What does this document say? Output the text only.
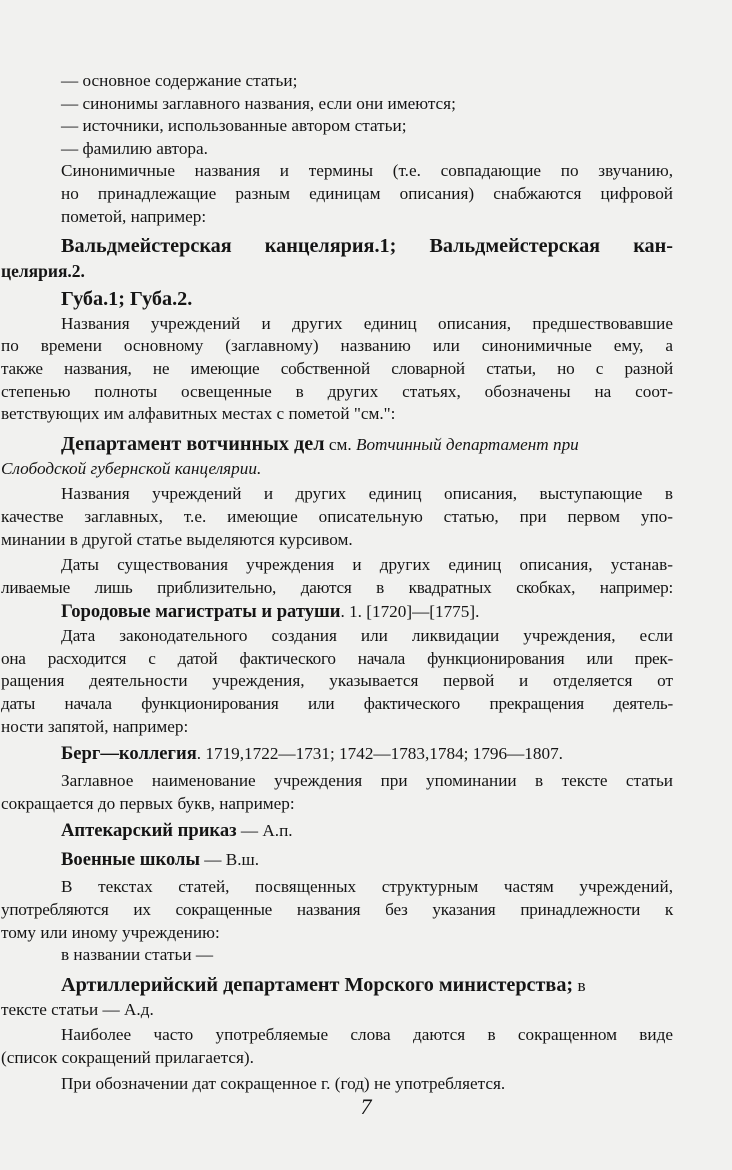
— основное содержание статьи;
— синонимы заглавного названия, если они имеются;
— источники, использованные автором статьи;
— фамилию автора.
Синонимичные названия и термины (т.е. совпадающие по звучанию,
но принадлежащие разным единицам описания) снабжаются цифровой
пометой, например:
Вальдмейстерская канцелярия.1; Вальдмейстерская кан-
целярия.2.
Губа.1; Губа.2.
Названия учреждений и других единиц описания, предшествовавшие
по времени основному (заглавному) названию или синонимичные ему, а
также названия, не имеющие собственной словарной статьи, но с разной
степенью полноты освещенные в других статьях, обозначены на соот-
ветствующих им алфавитных местах с пометой "см.":
Департамент вотчинных дел см. Вотчинный департамент при
Слободской губернской канцелярии.
Названия учреждений и других единиц описания, выступающие в
качестве заглавных, т.е. имеющие описательную статью, при первом упо-
минании в другой статье выделяются курсивом.
Даты существования учреждения и других единиц описания, устанав-
ливаемые лишь приблизительно, даются в квадратных скобках, например:
Городовые магистраты и ратуши. 1. [1720]—[1775].
Дата законодательного создания или ликвидации учреждения, если
она расходится с датой фактического начала функционирования или прек-
ращения деятельности учреждения, указывается первой и отделяется от
даты начала функционирования или фактического прекращения деятель-
ности запятой, например:
Берг—коллегия. 1719,1722—1731; 1742—1783,1784; 1796—1807.
Заглавное наименование учреждения при упоминании в тексте статьи
сокращается до первых букв, например:
Аптекарский приказ — А.п.
Военные школы — В.ш.
В текстах статей, посвященных структурным частям учреждений,
употребляются их сокращенные названия без указания принадлежности к
тому или иному учреждению:
в названии статьи —
Артиллерийский департамент Морского министерства; в
тексте статьи — А.д.
Наиболее часто употребляемые слова даются в сокращенном виде
(список сокращений прилагается).
При обозначении дат сокращенное г. (год) не употребляется.
7
